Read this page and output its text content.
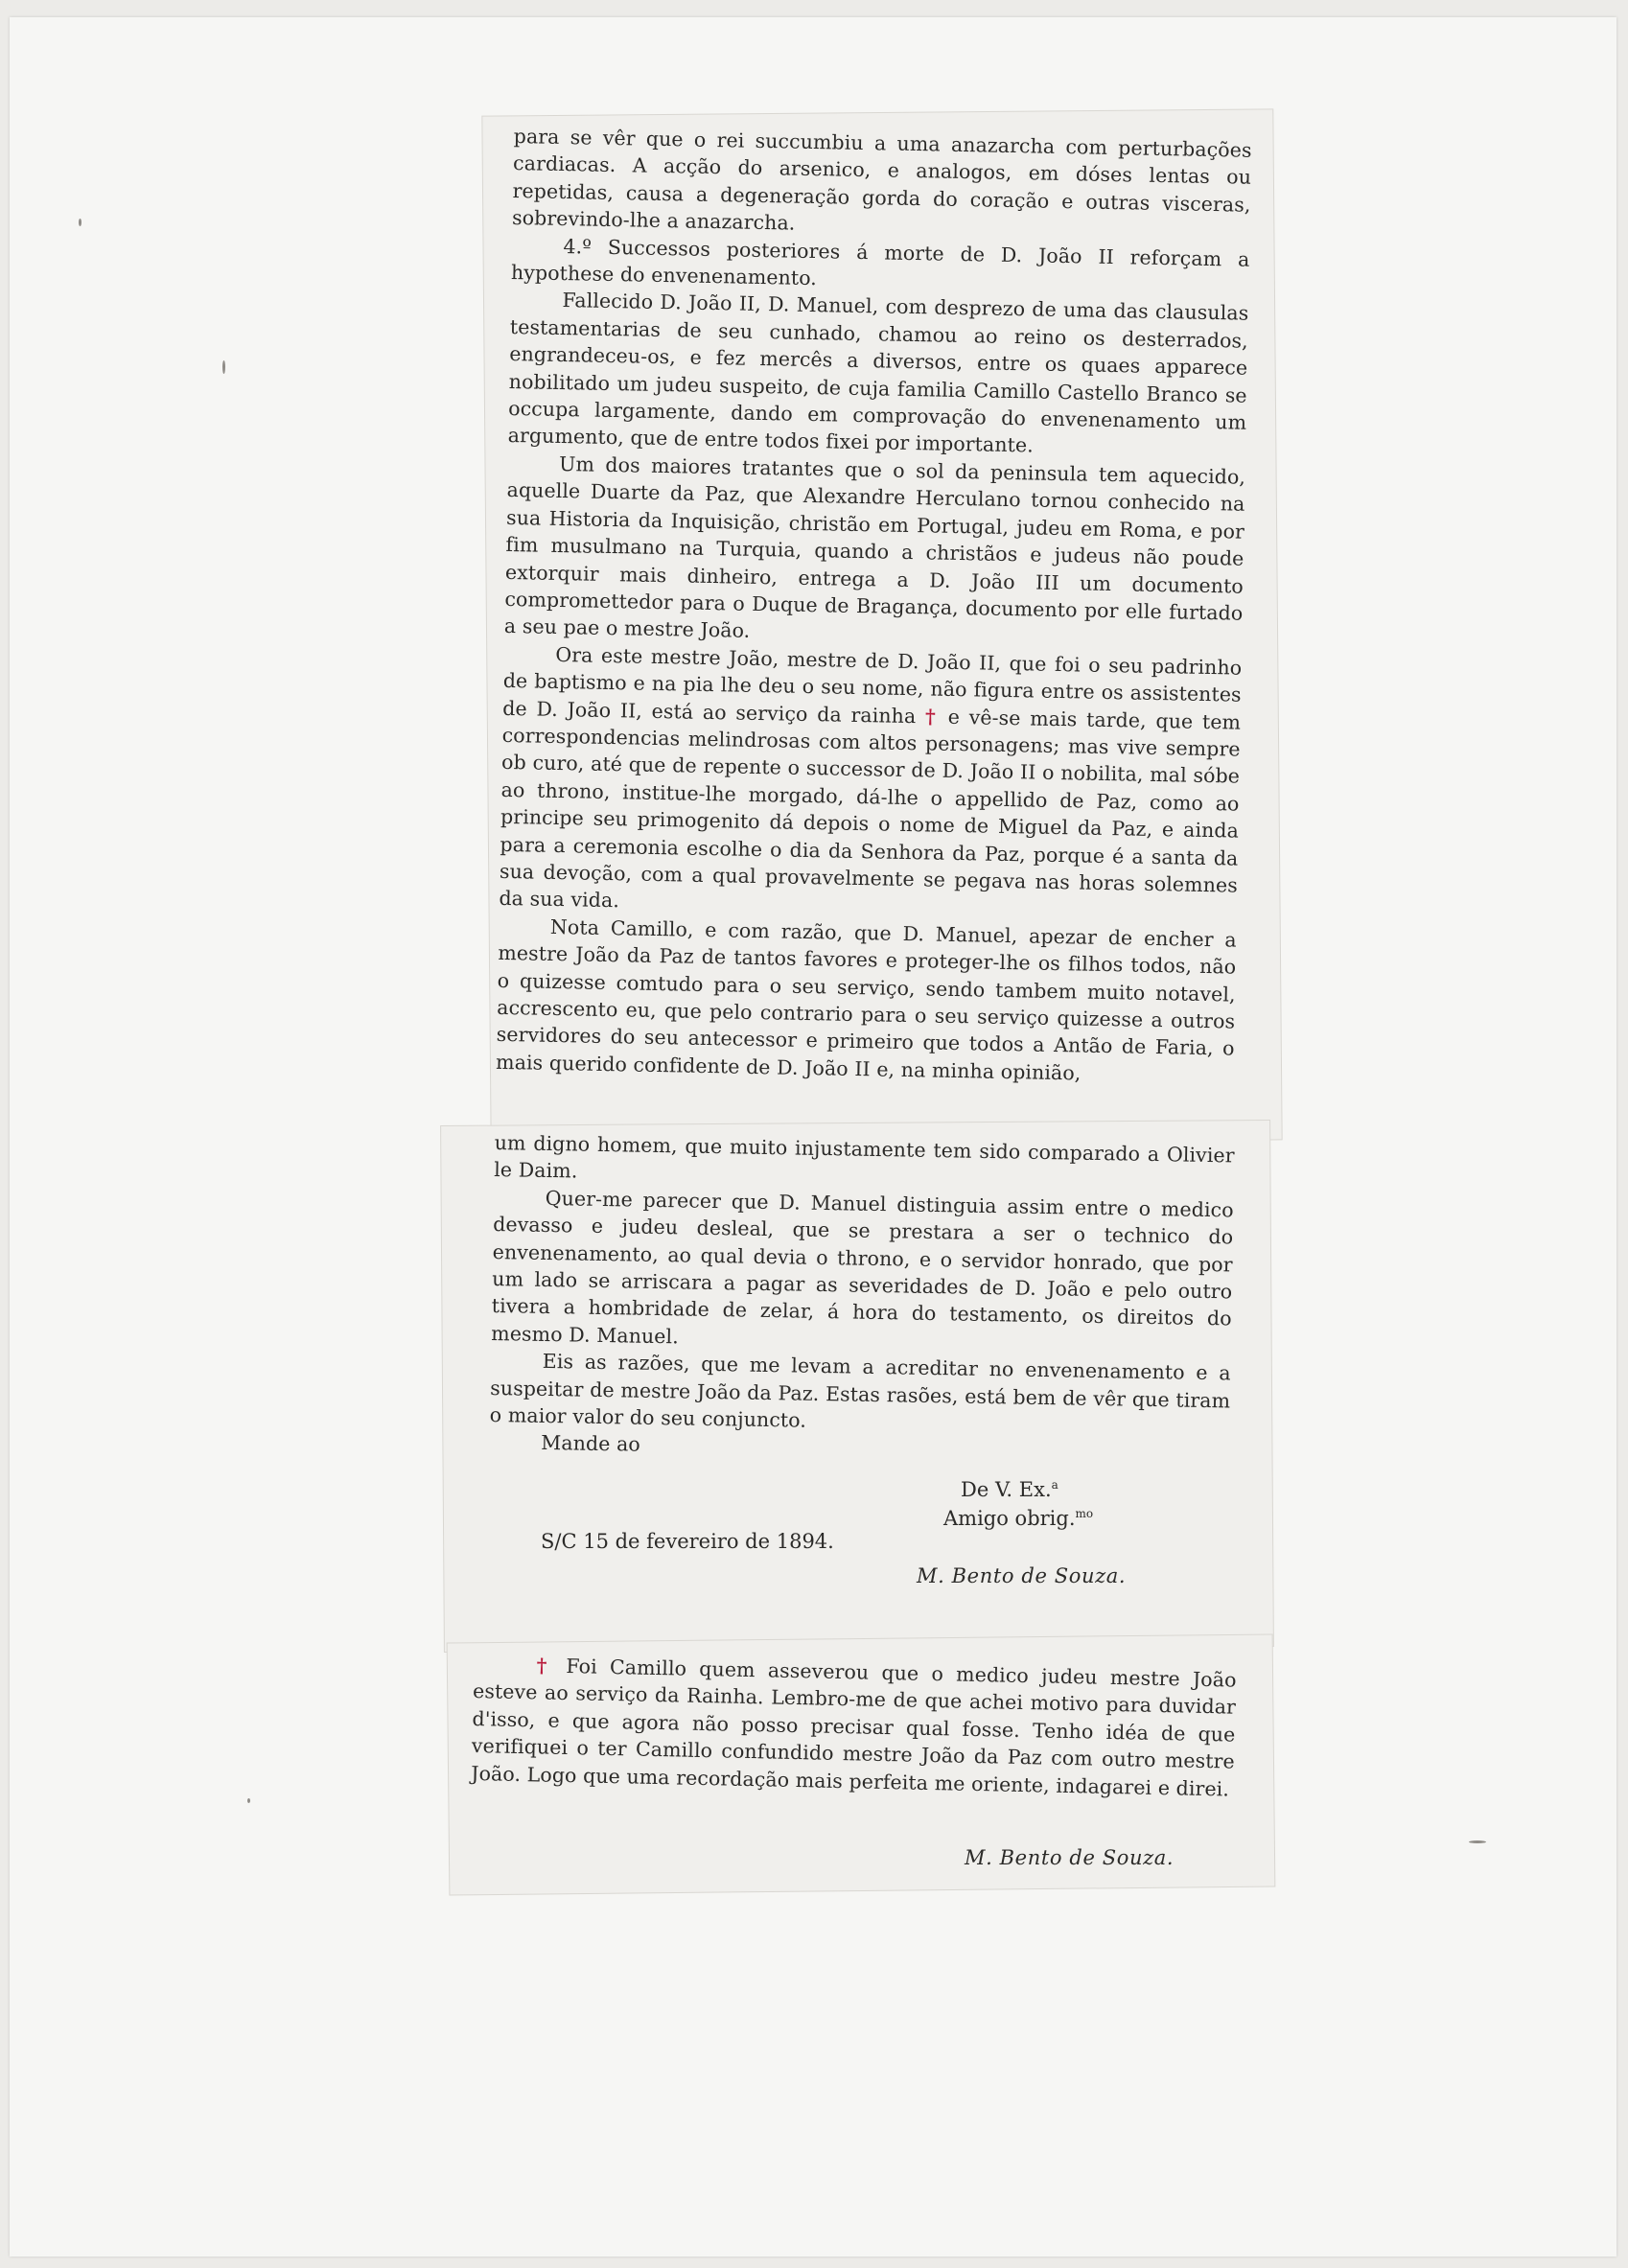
para se vêr que o rei succumbiu a uma anazarcha com perturbações cardiacas. A acção do arsenico, e analogos, em dóses lentas ou repetidas, causa a degeneração gorda do coração e outras visceras, sobrevindo-lhe a anazarcha.

4.º Successos posteriores á morte de D. João II reforçam a hypothese do envenenamento.

Fallecido D. João II, D. Manuel, com desprezo de uma das clausulas testamentarias de seu cunhado, chamou ao reino os desterrados, engrandeceu-os, e fez mercês a diversos, entre os quaes apparece nobilitado um judeu suspeito, de cuja familia Camillo Castello Branco se occupa largamente, dando em comprovação do envenenamento um argumento, que de entre todos fixei por importante.

Um dos maiores tratantes que o sol da peninsula tem aquecido, aquelle Duarte da Paz, que Alexandre Herculano tornou conhecido na sua Historia da Inquisição, christão em Portugal, judeu em Roma, e por fim musulmano na Turquia, quando a christãos e judeus não poude extorquir mais dinheiro, entrega a D. João III um documento compromettedor para o Duque de Bragança, documento por elle furtado a seu pae o mestre João.

Ora este mestre João, mestre de D. João II, que foi o seu padrinho de baptismo e na pia lhe deu o seu nome, não figura entre os assistentes de D. João II, está ao serviço da rainha † e vê-se mais tarde, que tem correspondencias melindrosas com altos personagens; mas vive sempre ob curo, até que de repente o successor de D. João II o nobilita, mal sóbe ao throno, institue-lhe morgado, dá-lhe o appellido de Paz, como ao principe seu primogenito dá depois o nome de Miguel da Paz, e ainda para a ceremonia escolhe o dia da Senhora da Paz, porque é a santa da sua devoção, com a qual provavelmente se pegava nas horas solemnes da sua vida.

Nota Camillo, e com razão, que D. Manuel, apezar de encher a mestre João da Paz de tantos favores e proteger-lhe os filhos todos, não o quizesse comtudo para o seu serviço, sendo tambem muito notavel, accrescento eu, que pelo contrario para o seu serviço quizesse a outros servidores do seu antecessor e primeiro que todos a Antão de Faria, o mais querido confidente de D. João II e, na minha opinião,

um digno homem, que muito injustamente tem sido comparado a Olivier le Daim.

Quer-me parecer que D. Manuel distinguia assim entre o medico devasso e judeu desleal, que se prestara a ser o technico do envenenamento, ao qual devia o throno, e o servidor honrado, que por um lado se arriscara a pagar as severidades de D. João e pelo outro tivera a hombridade de zelar, á hora do testamento, os direitos do mesmo D. Manuel.

Eis as razões, que me levam a acreditar no envenenamento e a suspeitar de mestre João da Paz. Estas rasões, está bem de vêr que tiram o maior valor do seu conjuncto.

Mande ao

De V. Ex.$^a$
Amigo obrig.$^{mo}$
S/C 15 de fevereiro de 1894.
M. Bento de Souza.

† Foi Camillo quem asseverou que o medico judeu mestre João esteve ao serviço da Rainha. Lembro-me de que achei motivo para duvidar d'isso, e que agora não posso precisar qual fosse. Tenho idéa de que verifiquei o ter Camillo confundido mestre João da Paz com outro mestre João. Logo que uma recordação mais perfeita me oriente, indagarei e direi.

M. Bento de Souza.
